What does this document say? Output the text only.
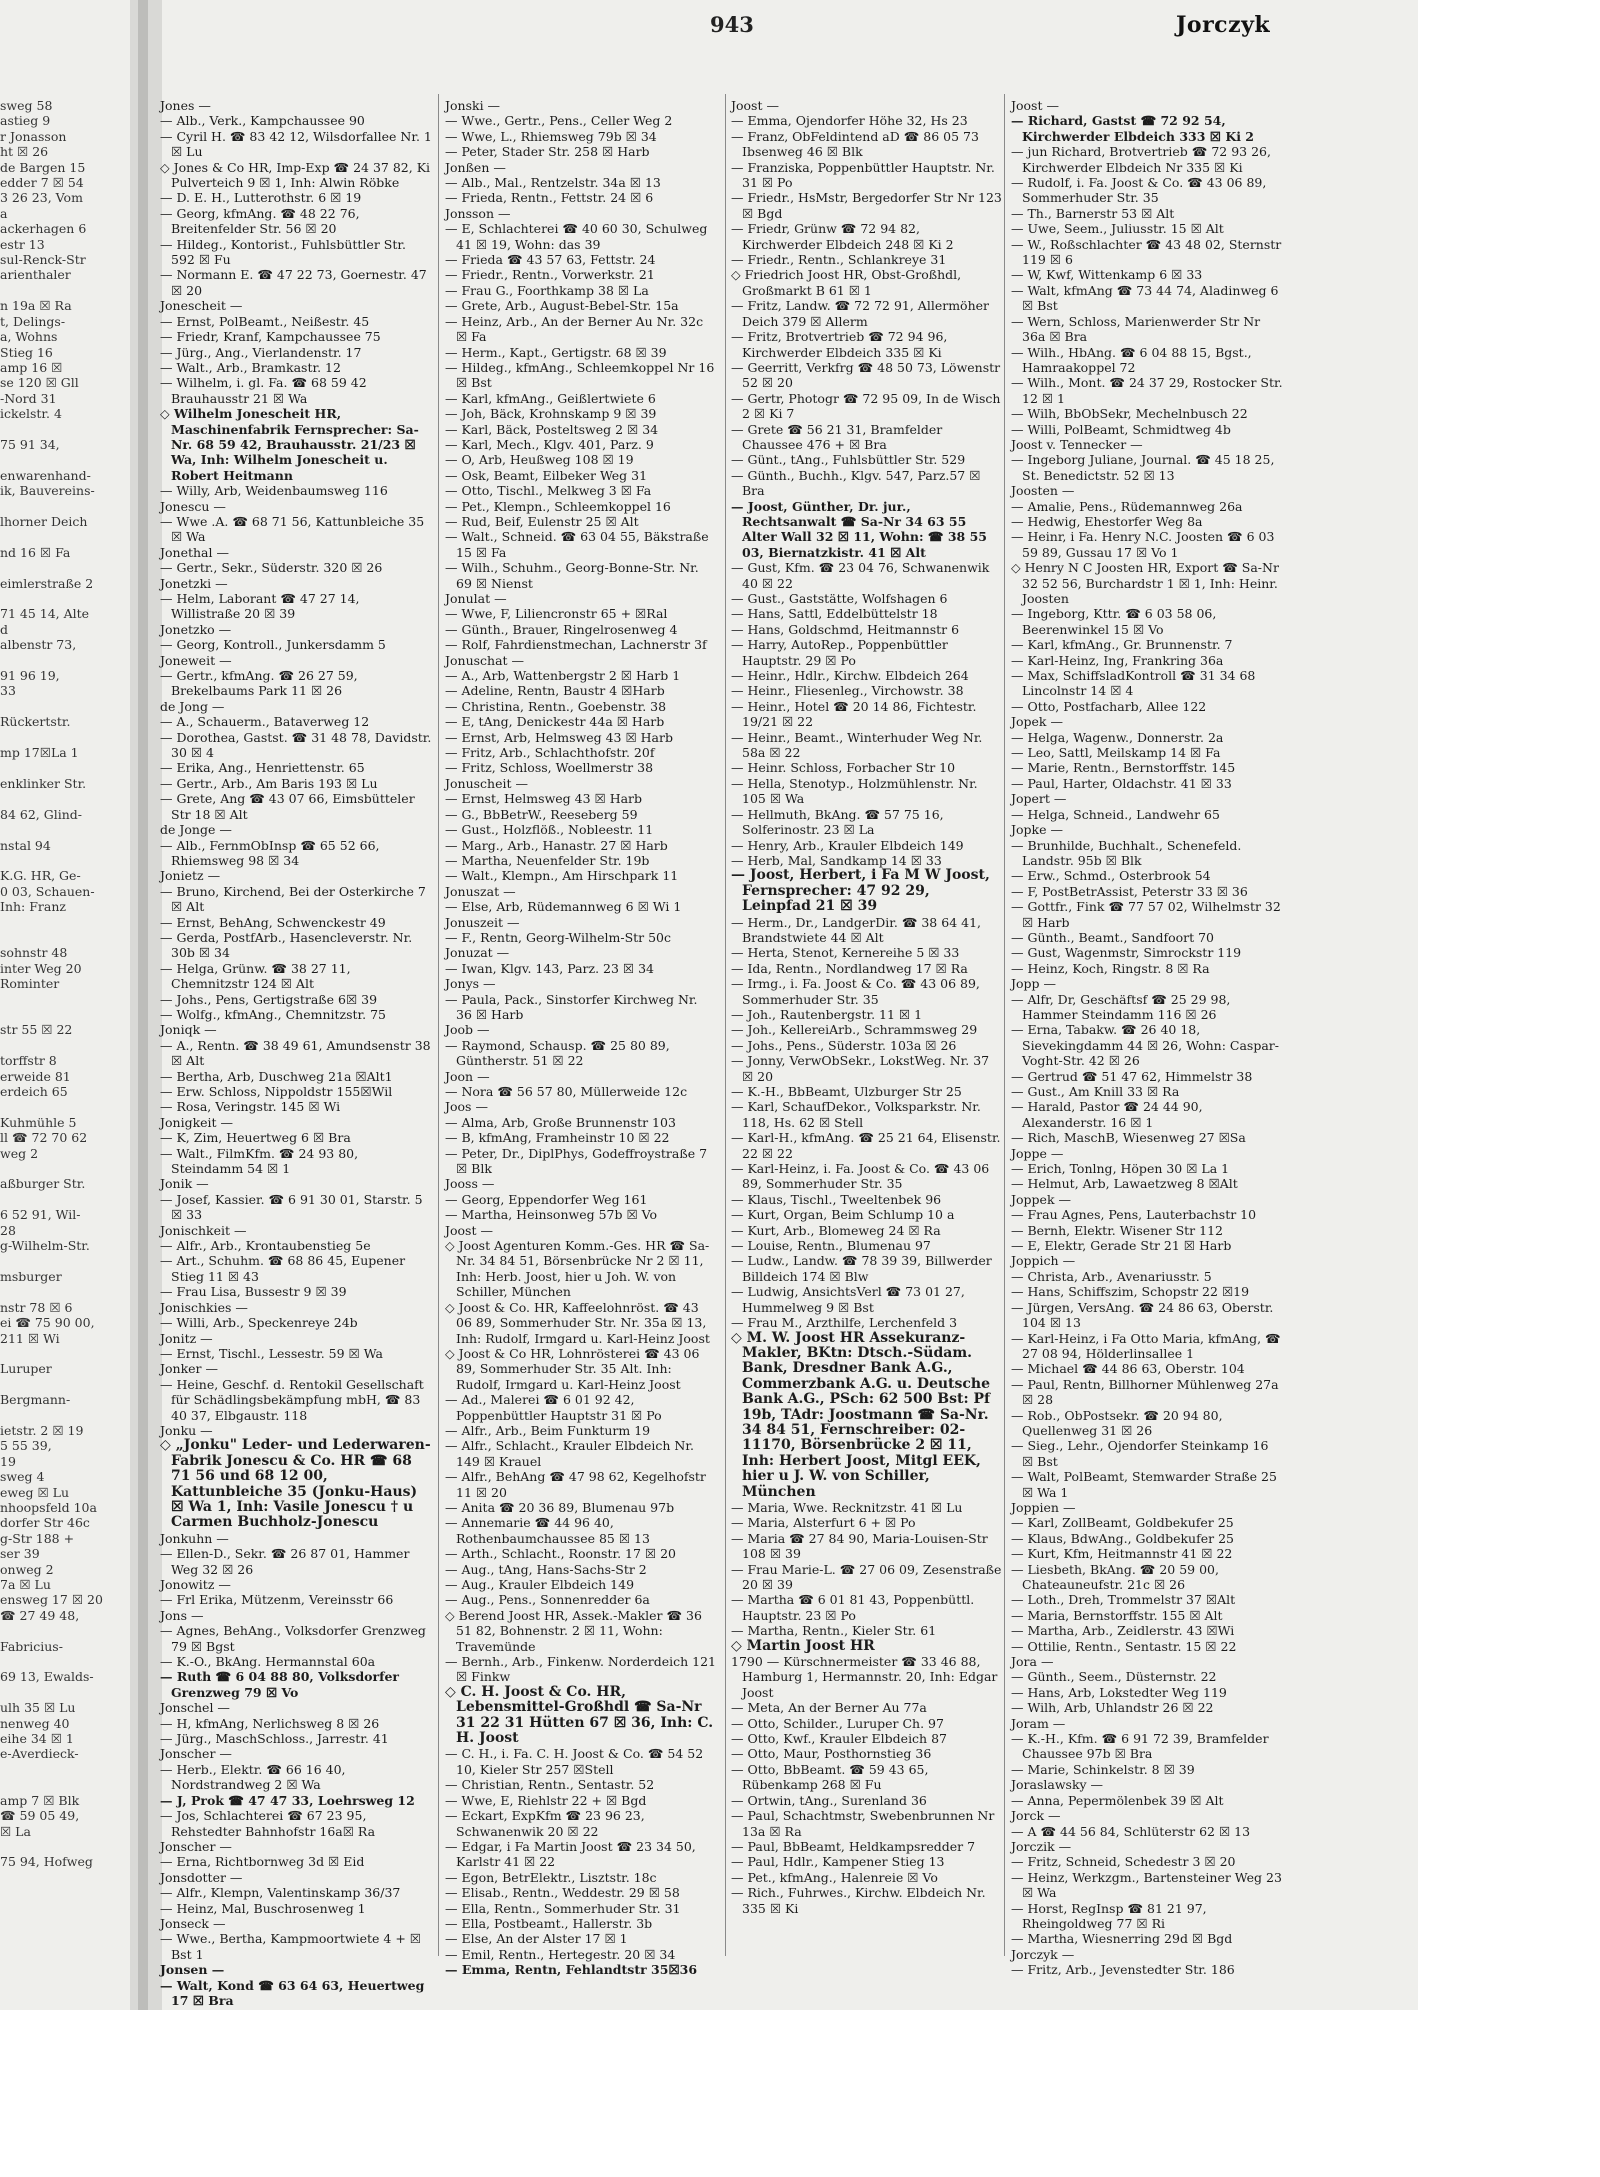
sweg 58
astieg 9
r Jonasson
ht ☒ 26
de Bargen 15
edder 7 ☒ 54
3 26 23, Vom
a
ackerhagen 6
estr 13
sul-Renck-Str
arienthaler

n 19a ☒ Ra
t, Delings-
a, Wohns
Stieg 16
amp 16 ☒
se 120 ☒ Gll
-Nord 31
ickelstr. 4

75 91 34,

enwarenhand-
ik, Bauvereins-

lhorner Deich

nd 16 ☒ Fa

eimlerstraße 2

71 45 14, Alte
d
albenstr 73,

91 96 19,
33

Rückertstr.

mp 17☒La 1

enklinker Str.

84 62, Glind-

nstal 94

K.G. HR, Ge-
0 03, Schauen-
Inh: Franz

sohnstr 48
inter Weg 20
Rominter

str 55 ☒ 22

torffstr 8
erweide 81
erdeich 65

Kuhmühle 5
ll ☎ 72 70 62
weg 2

aßburger Str.

6 52 91, Wil-
28
g-Wilhelm-Str.

msburger

nstr 78 ☒ 6
ei ☎ 75 90 00,
211 ☒ Wi

Luruper

Bergmann-

ietstr. 2 ☒ 19
5 55 39,
19
sweg 4
eweg ☒ Lu
nhoopsfeld 10a
dorfer Str 46c
g-Str 188 +
ser 39
onweg 2
7a ☒ Lu
ensweg 17 ☒ 20
☎ 27 49 48,

Fabricius-

69 13, Ewalds-

ulh 35 ☒ Lu
nenweg 40
eihe 34 ☒ 1
e-Averdieck-

amp 7 ☒ Blk
☎ 59 05 49,
☒ La

75 94, Hofweg
943	Jorczyk
Jones —
— Alb., Verk., Kampchaussee 90
— Cyril H. ☎ 83 42 12, Wilsdorfallee Nr. 1 ☒ Lu
◇ Jones & Co HR, Imp-Exp ☎ 24 37 82, Ki Pulverteich 9 ☒ 1, Inh: Alwin Röbke
— D. E. H., Lutterothstr. 6 ☒ 19
— Georg, kfmAng. ☎ 48 22 76, Breitenfelder Str. 56 ☒ 20
— Hildeg., Kontorist., Fuhlsbüttler Str. 592 ☒ Fu
— Normann E. ☎ 47 22 73, Goernestr. 47 ☒ 20
Jonescheit —
— Ernst, PolBeamt., Neißestr. 45
— Friedr, Kranf, Kampchaussee 75
— Jürg., Ang., Vierlandenstr. 17
— Walt., Arb., Bramkastr. 12
— Wilhelm, i. gl. Fa. ☎ 68 59 42 Brauhausstr 21 ☒ Wa
◇ Wilhelm Jonescheit HR, Maschinenfabrik Fernsprecher: Sa-Nr. 68 59 42, Brauhausstr. 21/23 ☒ Wa, Inh: Wilhelm Jonescheit u. Robert Heitmann
— Willy, Arb, Weidenbaumsweg 116
Jonescu —
— Wwe .A. ☎ 68 71 56, Kattunbleiche 35 ☒ Wa
Jonethal —
— Gertr., Sekr., Süderstr. 320 ☒ 26
Jonetzki —
— Helm, Laborant ☎ 47 27 14, Willistraße 20 ☒ 39
Jonetzko —
— Georg, Kontroll., Junkersdamm 5
Joneweit —
— Gertr., kfmAng. ☎ 26 27 59, Brekelbaums Park 11 ☒ 26
de Jong —
— A., Schauerm., Bataverweg 12
— Dorothea, Gastst. ☎ 31 48 78, Davidstr. 30 ☒ 4
— Erika, Ang., Henriettenstr. 65
— Gertr., Arb., Am Baris 193 ☒ Lu
— Grete, Ang ☎ 43 07 66, Eimsbütteler Str 18 ☒ Alt
de Jonge —
— Alb., FernmObInsp ☎ 65 52 66, Rhiemsweg 98 ☒ 34
Jonietz —
— Bruno, Kirchend, Bei der Osterkirche 7 ☒ Alt
— Ernst, BehAng, Schwenckestr 49
— Gerda, PostfArb., Hasencleverstr. Nr. 30b ☒ 34
— Helga, Grünw. ☎ 38 27 11, Chemnitzstr 124 ☒ Alt
— Johs., Pens, Gertigstraße 6☒ 39
— Wolfg., kfmAng., Chemnitzstr. 75
Joniqk —
— A., Rentn. ☎ 38 49 61, Amundsenstr 38 ☒ Alt
— Bertha, Arb, Duschweg 21a ☒Alt1
— Erw. Schloss, Nippoldstr 155☒Wil
— Rosa, Veringstr. 145 ☒ Wi
Jonigkeit —
— K, Zim, Heuertweg 6 ☒ Bra
— Walt., FilmKfm. ☎ 24 93 80, Steindamm 54 ☒ 1
Jonik —
— Josef, Kassier. ☎ 6 91 30 01, Starstr. 5 ☒ 33
Jonischkeit —
— Alfr., Arb., Krontaubenstieg 5e
— Art., Schuhm. ☎ 68 86 45, Eupener Stieg 11 ☒ 43
— Frau Lisa, Bussestr 9 ☒ 39
Jonischkies —
— Willi, Arb., Speckenreye 24b
Jonitz —
— Ernst, Tischl., Lessestr. 59 ☒ Wa
Jonker —
— Heine, Geschf. d. Rentokil Gesellschaft für Schädlingsbekämpfung mbH, ☎ 83 40 37, Elbgaustr. 118
Jonku —
◇ „Jonku" Leder- und Lederwaren-Fabrik Jonescu & Co. HR ☎ 68 71 56 und 68 12 00, Kattunbleiche 35 (Jonku-Haus) ☒ Wa 1, Inh: Vasile Jonescu † u Carmen Buchholz-Jonescu
Jonkuhn —
— Ellen-D., Sekr. ☎ 26 87 01, Hammer Weg 32 ☒ 26
Jonowitz —
— Frl Erika, Mützenm, Vereinsstr 66
Jons —
— Agnes, BehAng., Volksdorfer Grenzweg 79 ☒ Bgst
— K.-O., BkAng. Hermannstal 60a
— Ruth ☎ 6 04 88 80, Volksdorfer Grenzweg 79 ☒ Vo
Jonschel —
— H, kfmAng, Nerlichsweg 8 ☒ 26
— Jürg., MaschSchloss., Jarrestr. 41
Jonscher —
— Herb., Elektr. ☎ 66 16 40, Nordstrandweg 2 ☒ Wa
— J, Prok ☎ 47 47 33, Loehrsweg 12
— Jos, Schlachterei ☎ 67 23 95, Rehstedter Bahnhofstr 16a☒ Ra
Jonscher —
— Erna, Richtbornweg 3d ☒ Eid
Jonsdotter —
— Alfr., Klempn, Valentinskamp 36/37
— Heinz, Mal, Buschrosenweg 1
Jonseck —
— Wwe., Bertha, Kampmoortwiete 4 + ☒ Bst 1
Jonsen —
— Walt, Kond ☎ 63 64 63, Heuertweg 17 ☒ Bra
Jonski —
— Wwe., Gertr., Pens., Celler Weg 2
— Wwe, L., Rhiemsweg 79b ☒ 34
— Peter, Stader Str. 258 ☒ Harb
Jonßen —
— Alb., Mal., Rentzelstr. 34a ☒ 13
— Frieda, Rentn., Fettstr. 24 ☒ 6
Jonsson —
— E, Schlachterei ☎ 40 60 30, Schulweg 41 ☒ 19, Wohn: das 39
— Frieda ☎ 43 57 63, Fettstr. 24
— Friedr., Rentn., Vorwerkstr. 21
— Frau G., Foorthkamp 38 ☒ La
— Grete, Arb., August-Bebel-Str. 15a
— Heinz, Arb., An der Berner Au Nr. 32c ☒ Fa
— Herm., Kapt., Gertigstr. 68 ☒ 39
— Hildeg., kfmAng., Schleemkoppel Nr 16 ☒ Bst
— Karl, kfmAng., Geißlertwiete 6
— Joh, Bäck, Krohnskamp 9 ☒ 39
— Karl, Bäck, Posteltsweg 2 ☒ 34
— Karl, Mech., Klgv. 401, Parz. 9
— O, Arb, Heußweg 108 ☒ 19
— Osk, Beamt, Eilbeker Weg 31
— Otto, Tischl., Melkweg 3 ☒ Fa
— Pet., Klempn., Schleemkoppel 16
— Rud, Beif, Eulenstr 25 ☒ Alt
— Walt., Schneid. ☎ 63 04 55, Bäkstraße 15 ☒ Fa
— Wilh., Schuhm., Georg-Bonne-Str. Nr. 69 ☒ Nienst
Jonulat —
— Wwe, F, Liliencronstr 65 + ☒Ral
— Günth., Brauer, Ringelrosenweg 4
— Rolf, Fahrdienstmechan, Lachnerstr 3f
Jonuschat —
— A., Arb, Wattenbergstr 2 ☒ Harb 1
— Adeline, Rentn, Baustr 4 ☒Harb
— Christina, Rentn., Goebenstr. 38
— E, tAng, Denickestr 44a ☒ Harb
— Ernst, Arb, Helmsweg 43 ☒ Harb
— Fritz, Arb., Schlachthofstr. 20f
— Fritz, Schloss, Woellmerstr 38
Jonuscheit —
— Ernst, Helmsweg 43 ☒ Harb
— G., BbBetrW., Reeseberg 59
— Gust., Holzflöß., Nobleestr. 11
— Marg., Arb., Hanastr. 27 ☒ Harb
— Martha, Neuenfelder Str. 19b
— Walt., Klempn., Am Hirschpark 11
Jonuszat —
— Else, Arb, Rüdemannweg 6 ☒ Wi 1
Jonuszeit —
— F., Rentn, Georg-Wilhelm-Str 50c
Jonuzat —
— Iwan, Klgv. 143, Parz. 23 ☒ 34
Jonys —
— Paula, Pack., Sinstorfer Kirchweg Nr. 36 ☒ Harb
Joob —
— Raymond, Schausp. ☎ 25 80 89, Güntherstr. 51 ☒ 22
Joon —
— Nora ☎ 56 57 80, Müllerweide 12c
Joos —
— Alma, Arb, Große Brunnenstr 103
— B, kfmAng, Framheinstr 10 ☒ 22
— Peter, Dr., DiplPhys, Godeffroystraße 7 ☒ Blk
Jooss —
— Georg, Eppendorfer Weg 161
— Martha, Heinsonweg 57b ☒ Vo
Joost —
◇ Joost Agenturen Komm.-Ges. HR ☎ Sa-Nr. 34 84 51, Börsenbrücke Nr 2 ☒ 11, Inh: Herb. Joost, hier u Joh. W. von Schiller, München
◇ Joost & Co. HR, Kaffeelohnröst. ☎ 43 06 89, Sommerhuder Str. Nr. 35a ☒ 13, Inh: Rudolf, Irmgard u. Karl-Heinz Joost
◇ Joost & Co HR, Lohnrösterei ☎ 43 06 89, Sommerhuder Str. 35 Alt. Inh: Rudolf, Irmgard u. Karl-Heinz Joost
— Ad., Malerei ☎ 6 01 92 42, Poppenbüttler Hauptstr 31 ☒ Po
— Alfr., Arb., Beim Funkturm 19
— Alfr., Schlacht., Krauler Elbdeich Nr. 149 ☒ Krauel
— Alfr., BehAng ☎ 47 98 62, Kegelhofstr 11 ☒ 20
— Anita ☎ 20 36 89, Blumenau 97b
— Annemarie ☎ 44 96 40, Rothenbaumchaussee 85 ☒ 13
— Arth., Schlacht., Roonstr. 17 ☒ 20
— Aug., tAng, Hans-Sachs-Str 2
— Aug., Krauler Elbdeich 149
— Aug., Pens., Sonnenredder 6a
◇ Berend Joost HR, Assek.-Makler ☎ 36 51 82, Bohnenstr. 2 ☒ 11, Wohn: Travemünde
— Bernh., Arb., Finkenw. Norderdeich 121 ☒ Finkw
◇ C. H. Joost & Co. HR, Lebensmittel-Großhdl ☎ Sa-Nr 31 22 31 Hütten 67 ☒ 36, Inh: C. H. Joost
— C. H., i. Fa. C. H. Joost & Co. ☎ 54 52 10, Kieler Str 257 ☒Stell
— Christian, Rentn., Sentastr. 52
— Wwe, E, Riehlstr 22 + ☒ Bgd
— Eckart, ExpKfm ☎ 23 96 23, Schwanenwik 20 ☒ 22
— Edgar, i Fa Martin Joost ☎ 23 34 50, Karlstr 41 ☒ 22
— Egon, BetrElektr., Lisztstr. 18c
— Elisab., Rentn., Weddestr. 29 ☒ 58
— Ella, Rentn., Sommerhuder Str. 31
— Ella, Postbeamt., Hallerstr. 3b
— Else, An der Alster 17 ☒ 1
— Emil, Rentn., Hertegestr. 20 ☒ 34
— Emma, Rentn, Fehlandtstr 35☒36
Joost —
— Emma, Ojendorfer Höhe 32, Hs 23
— Franz, ObFeldintend aD ☎ 86 05 73 Ibsenweg 46 ☒ Blk
— Franziska, Poppenbüttler Hauptstr. Nr. 31 ☒ Po
— Friedr., HsMstr, Bergedorfer Str Nr 123 ☒ Bgd
— Friedr, Grünw ☎ 72 94 82, Kirchwerder Elbdeich 248 ☒ Ki 2
— Friedr., Rentn., Schlankreye 31
◇ Friedrich Joost HR, Obst-Großhdl, Großmarkt B 61 ☒ 1
— Fritz, Landw. ☎ 72 72 91, Allermöher Deich 379 ☒ Allerm
— Fritz, Brotvertrieb ☎ 72 94 96, Kirchwerder Elbdeich 335 ☒ Ki
— Geerritt, Verkfrg ☎ 48 50 73, Löwenstr 52 ☒ 20
— Gertr, Photogr ☎ 72 95 09, In de Wisch 2 ☒ Ki 7
— Grete ☎ 56 21 31, Bramfelder Chaussee 476 + ☒ Bra
— Günt., tAng., Fuhlsbüttler Str. 529
— Günth., Buchh., Klgv. 547, Parz.57 ☒ Bra
— Joost, Günther, Dr. jur., Rechtsanwalt ☎ Sa-Nr 34 63 55 Alter Wall 32 ☒ 11, Wohn: ☎ 38 55 03, Biernatzkistr. 41 ☒ Alt
— Gust, Kfm. ☎ 23 04 76, Schwanenwik 40 ☒ 22
— Gust., Gaststätte, Wolfshagen 6
— Hans, Sattl, Eddelbüttelstr 18
— Hans, Goldschmd, Heitmannstr 6
— Harry, AutoRep., Poppenbüttler Hauptstr. 29 ☒ Po
— Heinr., Hdlr., Kirchw. Elbdeich 264
— Heinr., Fliesenleg., Virchowstr. 38
— Heinr., Hotel ☎ 20 14 86, Fichtestr. 19/21 ☒ 22
— Heinr., Beamt., Winterhuder Weg Nr. 58a ☒ 22
— Heinr. Schloss, Forbacher Str 10
— Hella, Stenotyp., Holzmühlenstr. Nr. 105 ☒ Wa
— Hellmuth, BkAng. ☎ 57 75 16, Solferinostr. 23 ☒ La
— Henry, Arb., Krauler Elbdeich 149
— Herb, Mal, Sandkamp 14 ☒ 33
— Joost, Herbert, i Fa M W Joost, Fernsprecher: 47 92 29, Leinpfad 21 ☒ 39
— Herm., Dr., LandgerDir. ☎ 38 64 41, Brandstwiete 44 ☒ Alt
— Herta, Stenot, Kernereihe 5 ☒ 33
— Ida, Rentn., Nordlandweg 17 ☒ Ra
— Irmg., i. Fa. Joost & Co. ☎ 43 06 89, Sommerhuder Str. 35
— Joh., Rautenbergstr. 11 ☒ 1
— Joh., KellereiArb., Schrammsweg 29
— Johs., Pens., Süderstr. 103a ☒ 26
— Jonny, VerwObSekr., LokstWeg. Nr. 37 ☒ 20
— K.-H., BbBeamt, Ulzburger Str 25
— Karl, SchaufDekor., Volksparkstr. Nr. 118, Hs. 62 ☒ Stell
— Karl-H., kfmAng. ☎ 25 21 64, Elisenstr. 22 ☒ 22
— Karl-Heinz, i. Fa. Joost & Co. ☎ 43 06 89, Sommerhuder Str. 35
— Klaus, Tischl., Tweeltenbek 96
— Kurt, Organ, Beim Schlump 10 a
— Kurt, Arb., Blomeweg 24 ☒ Ra
— Louise, Rentn., Blumenau 97
— Ludw., Landw. ☎ 78 39 39, Billwerder Billdeich 174 ☒ Blw
— Ludwig, AnsichtsVerl ☎ 73 01 27, Hummelweg 9 ☒ Bst
— Frau M., Arzthilfe, Lerchenfeld 3
◇ M. W. Joost HR Assekuranz-Makler, BKtn: Dtsch.-Südam. Bank, Dresdner Bank A.G., Commerzbank A.G. u. Deutsche Bank A.G., PSch: 62 500 Bst: Pf 19b, TAdr: Joostmann ☎ Sa-Nr. 34 84 51, Fernschreiber: 02-11170, Börsenbrücke 2 ☒ 11, Inh: Herbert Joost, Mitgl EEK, hier u J. W. von Schiller, München
— Maria, Wwe. Recknitzstr. 41 ☒ Lu
— Maria, Alsterfurt 6 + ☒ Po
— Maria ☎ 27 84 90, Maria-Louisen-Str 108 ☒ 39
— Frau Marie-L. ☎ 27 06 09, Zesenstraße 20 ☒ 39
— Martha ☎ 6 01 81 43, Poppenbüttl. Hauptstr. 23 ☒ Po
— Martha, Rentn., Kieler Str. 61
◇ Martin Joost HR
1790 — Kürschnermeister ☎ 33 46 88, Hamburg 1, Hermannstr. 20, Inh: Edgar Joost
— Meta, An der Berner Au 77a
— Otto, Schilder., Luruper Ch. 97
— Otto, Kwf., Krauler Elbdeich 87
— Otto, Maur, Posthornstieg 36
— Otto, BbBeamt. ☎ 59 43 65, Rübenkamp 268 ☒ Fu
— Ortwin, tAng., Surenland 36
— Paul, Schachtmstr, Swebenbrunnen Nr 13a ☒ Ra
— Paul, BbBeamt, Heldkampsredder 7
— Paul, Hdlr., Kampener Stieg 13
— Pet., kfmAng., Halenreie ☒ Vo
— Rich., Fuhrwes., Kirchw. Elbdeich Nr. 335 ☒ Ki
Joost —
— Richard, Gastst ☎ 72 92 54, Kirchwerder Elbdeich 333 ☒ Ki 2
— jun Richard, Brotvertrieb ☎ 72 93 26, Kirchwerder Elbdeich Nr 335 ☒ Ki
— Rudolf, i. Fa. Joost & Co. ☎ 43 06 89, Sommerhuder Str. 35
— Th., Barnerstr 53 ☒ Alt
— Uwe, Seem., Juliusstr. 15 ☒ Alt
— W., Roßschlachter ☎ 43 48 02, Sternstr 119 ☒ 6
— W, Kwf, Wittenkamp 6 ☒ 33
— Walt, kfmAng ☎ 73 44 74, Aladinweg 6 ☒ Bst
— Wern, Schloss, Marienwerder Str Nr 36a ☒ Bra
— Wilh., HbAng. ☎ 6 04 88 15, Bgst., Hamraakoppel 72
— Wilh., Mont. ☎ 24 37 29, Rostocker Str. 12 ☒ 1
— Wilh, BbObSekr, Mechelnbusch 22
— Willi, PolBeamt, Schmidtweg 4b
Joost v. Tennecker —
— Ingeborg Juliane, Journal. ☎ 45 18 25, St. Benedictstr. 52 ☒ 13
Joosten —
— Amalie, Pens., Rüdemannweg 26a
— Hedwig, Ehestorfer Weg 8a
— Heinr, i Fa. Henry N.C. Joosten ☎ 6 03 59 89, Gussau 17 ☒ Vo 1
◇ Henry N C Joosten HR, Export ☎ Sa-Nr 32 52 56, Burchardstr 1 ☒ 1, Inh: Heinr. Joosten
— Ingeborg, Kttr. ☎ 6 03 58 06, Beerenwinkel 15 ☒ Vo
— Karl, kfmAng., Gr. Brunnenstr. 7
— Karl-Heinz, Ing, Frankring 36a
— Max, SchiffsladKontroll ☎ 31 34 68 Lincolnstr 14 ☒ 4
— Otto, Postfacharb, Allee 122
Jopek —
— Helga, Wagenw., Donnerstr. 2a
— Leo, Sattl, Meilskamp 14 ☒ Fa
— Marie, Rentn., Bernstorffstr. 145
— Paul, Harter, Oldachstr. 41 ☒ 33
Jopert —
— Helga, Schneid., Landwehr 65
Jopke —
— Brunhilde, Buchhalt., Schenefeld. Landstr. 95b ☒ Blk
— Erw., Schmd., Osterbrook 54
— F, PostBetrAssist, Peterstr 33 ☒ 36
— Gottfr., Fink ☎ 77 57 02, Wilhelmstr 32 ☒ Harb
— Günth., Beamt., Sandfoort 70
— Gust, Wagenmstr, Simrockstr 119
— Heinz, Koch, Ringstr. 8 ☒ Ra
Jopp —
— Alfr, Dr, Geschäftsf ☎ 25 29 98, Hammer Steindamm 116 ☒ 26
— Erna, Tabakw. ☎ 26 40 18, Sievekingdamm 44 ☒ 26, Wohn: Caspar-Voght-Str. 42 ☒ 26
— Gertrud ☎ 51 47 62, Himmelstr 38
— Gust., Am Knill 33 ☒ Ra
— Harald, Pastor ☎ 24 44 90, Alexanderstr. 16 ☒ 1
— Rich, MaschB, Wiesenweg 27 ☒Sa
Joppe —
— Erich, Tonlng, Höpen 30 ☒ La 1
— Helmut, Arb, Lawaetzweg 8 ☒Alt
Joppek —
— Frau Agnes, Pens, Lauterbachstr 10
— Bernh, Elektr. Wisener Str 112
— E, Elektr, Gerade Str 21 ☒ Harb
Joppich —
— Christa, Arb., Avenariusstr. 5
— Hans, Schiffszim, Schopstr 22 ☒19
— Jürgen, VersAng. ☎ 24 86 63, Oberstr. 104 ☒ 13
— Karl-Heinz, i Fa Otto Maria, kfmAng, ☎ 27 08 94, Hölderlinsallee 1
— Michael ☎ 44 86 63, Oberstr. 104
— Paul, Rentn, Billhorner Mühlenweg 27a ☒ 28
— Rob., ObPostsekr. ☎ 20 94 80, Quellenweg 31 ☒ 26
— Sieg., Lehr., Ojendorfer Steinkamp 16 ☒ Bst
— Walt, PolBeamt, Stemwarder Straße 25 ☒ Wa 1
Joppien —
— Karl, ZollBeamt, Goldbekufer 25
— Klaus, BdwAng., Goldbekufer 25
— Kurt, Kfm, Heitmannstr 41 ☒ 22
— Liesbeth, BkAng. ☎ 20 59 00, Chateauneufstr. 21c ☒ 26
— Loth., Dreh, Trommelstr 37 ☒Alt
— Maria, Bernstorffstr. 155 ☒ Alt
— Martha, Arb., Zeidlerstr. 43 ☒Wi
— Ottilie, Rentn., Sentastr. 15 ☒ 22
Jora —
— Günth., Seem., Düsternstr. 22
— Hans, Arb, Lokstedter Weg 119
— Wilh, Arb, Uhlandstr 26 ☒ 22
Joram —
— K.-H., Kfm. ☎ 6 91 72 39, Bramfelder Chaussee 97b ☒ Bra
— Marie, Schinkelstr. 8 ☒ 39
Joraslawsky —
— Anna, Pepermölenbek 39 ☒ Alt
Jorck —
— A ☎ 44 56 84, Schlüterstr 62 ☒ 13
Jorczik —
— Fritz, Schneid, Schedestr 3 ☒ 20
— Heinz, Werkzgm., Bartensteiner Weg 23 ☒ Wa
— Horst, RegInsp ☎ 81 21 97, Rheingoldweg 77 ☒ Ri
— Martha, Wiesnerring 29d ☒ Bgd
Jorczyk —
— Fritz, Arb., Jevenstedter Str. 186
